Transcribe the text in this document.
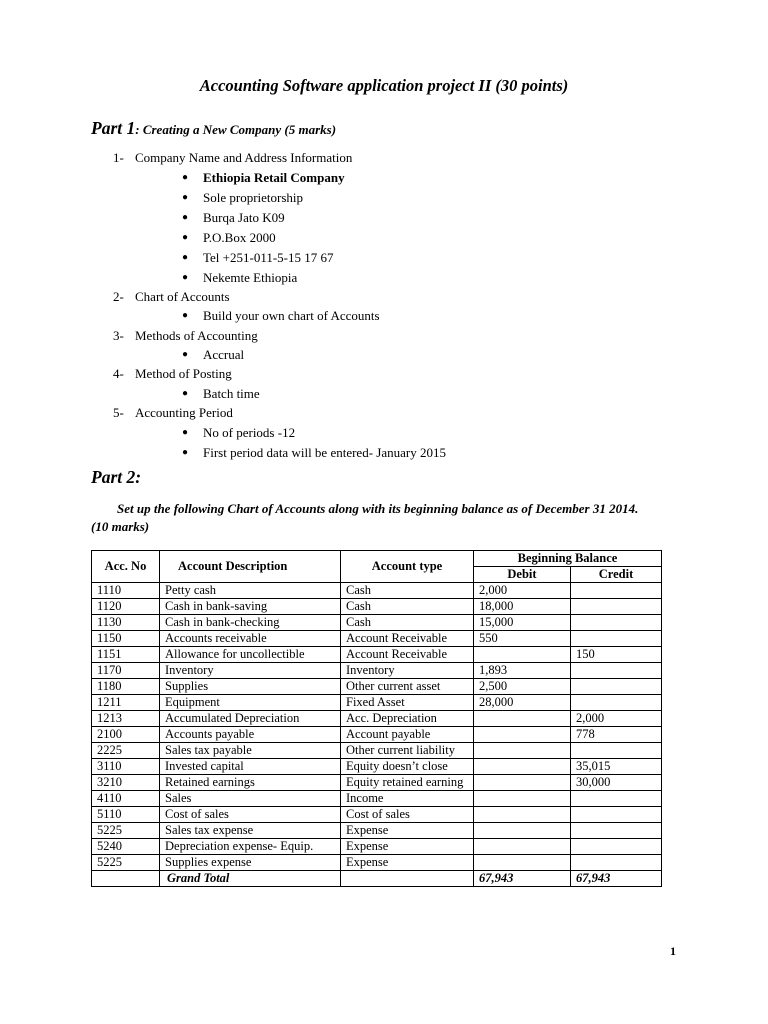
Accounting Software application project II (30 points)
Part 1: Creating a New Company (5 marks)
1- Company Name and Address Information
● Ethiopia Retail Company
● Sole proprietorship
● Burqa Jato K09
● P.O.Box 2000
● Tel +251-011-5-15 17 67
● Nekemte Ethiopia
2- Chart of Accounts
● Build your own chart of Accounts
3- Methods of Accounting
● Accrual
4- Method of Posting
● Batch time
5- Accounting Period
● No of periods -12
● First period data will be entered- January 2015
Part 2:

Set up the following Chart of Accounts along with its beginning balance as of December 31 2014.
(10 marks)

Acc. No	Account Description	Account type	Beginning Balance	
			Debit	Credit
1110	Petty cash	Cash	2,000	
1120	Cash in bank-saving	Cash	18,000	
1130	Cash in bank-checking	Cash	15,000	
1150	Accounts receivable	Account Receivable	550	
1151	Allowance for uncollectible	Account Receivable		150
1170	Inventory	Inventory	1,893	
1180	Supplies	Other current asset	2,500	
1211	Equipment	Fixed Asset	28,000	
1213	Accumulated Depreciation	Acc. Depreciation		2,000
2100	Accounts payable	Account payable		778
2225	Sales tax payable	Other current liability		
3110	Invested capital	Equity doesn’t close		35,015
3210	Retained earnings	Equity retained earning		30,000
4110	Sales	Income		
5110	Cost of sales	Cost of sales		
5225	Sales tax expense	Expense		
5240	Depreciation expense- Equip.	Expense		
5225	Supplies expense	Expense		
	Grand Total		67,943	67,943
1
